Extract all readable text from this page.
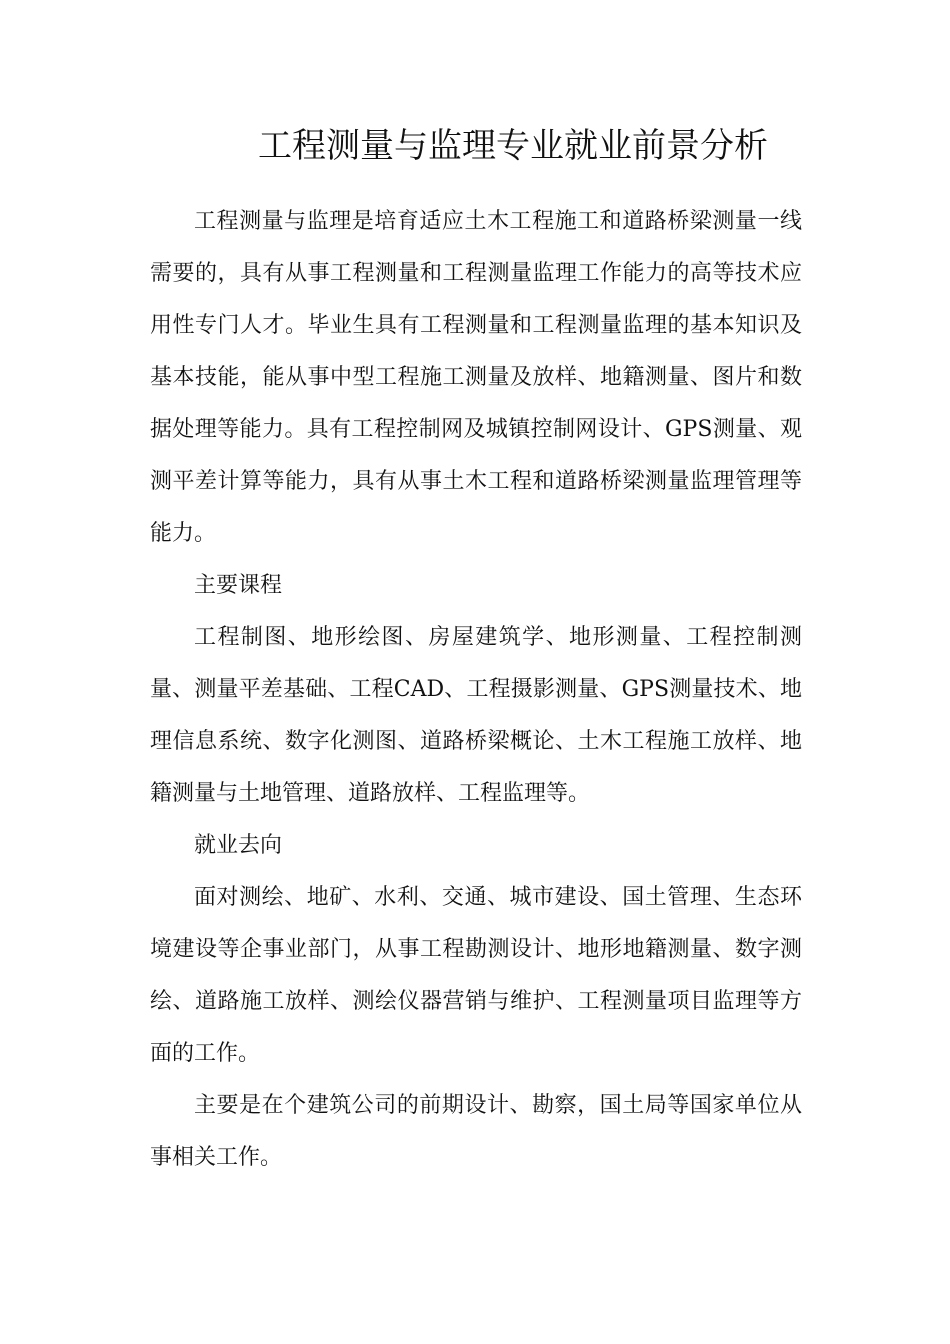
工程测量与监理专业就业前景分析

工程测量与监理是培育适应土木工程施工和道路桥梁测量一线需要的，具有从事工程测量和工程测量监理工作能力的高等技术应用性专门人才。毕业生具有工程测量和工程测量监理的基本知识及基本技能，能从事中型工程施工测量及放样、地籍测量、图片和数据处理等能力。具有工程控制网及城镇控制网设计、GPS测量、观测平差计算等能力，具有从事土木工程和道路桥梁测量监理管理等能力。

主要课程

工程制图、地形绘图、房屋建筑学、地形测量、工程控制测量、测量平差基础、工程CAD、工程摄影测量、GPS测量技术、地理信息系统、数字化测图、道路桥梁概论、土木工程施工放样、地籍测量与土地管理、道路放样、工程监理等。

就业去向

面对测绘、地矿、水利、交通、城市建设、国土管理、生态环境建设等企事业部门，从事工程勘测设计、地形地籍测量、数字测绘、道路施工放样、测绘仪器营销与维护、工程测量项目监理等方面的工作。

主要是在个建筑公司的前期设计、勘察，国土局等国家单位从事相关工作。
